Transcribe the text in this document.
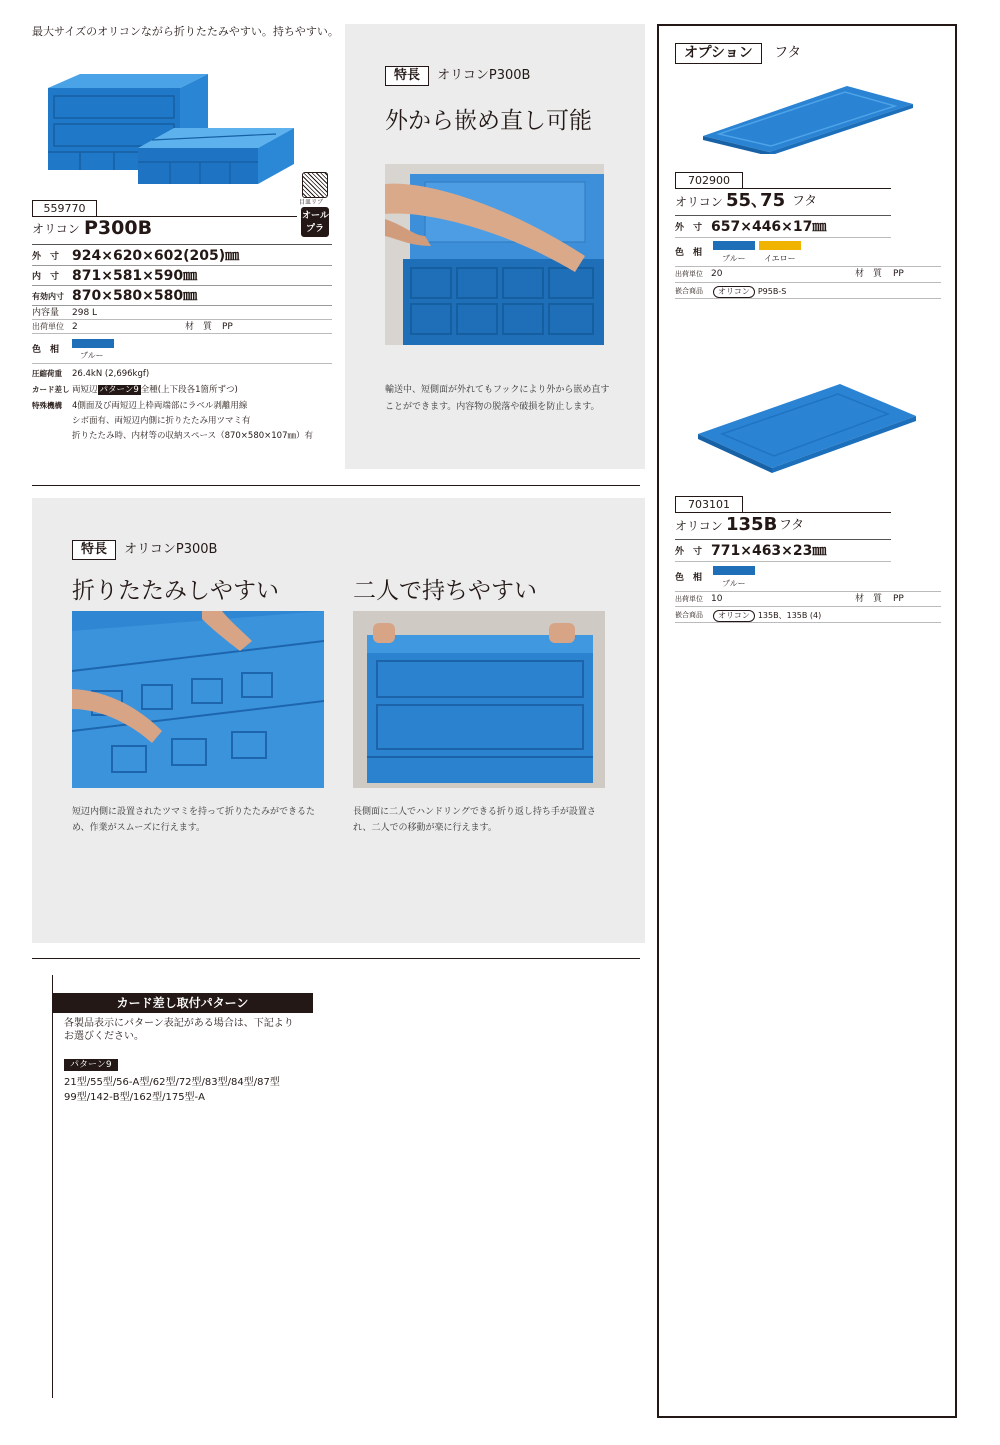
最大サイズのオリコンながら折りたたみやすい。持ちやすい。
目皿リブ
オール
プラ
559770
オリコン P300B
外　寸 924×620×602(205)㎜
内　寸 871×581×590㎜
有効内寸 870×580×580㎜
内容量 298 L
出荷単位 2	材　質 PP
色　相
ブルー
圧縮荷重 26.4kN (2,696kgf)
カード差し 両短辺 パターン9 全種(上下段各1箇所ずつ)
特殊機構 4側面及び両短辺上枠両端部にラベル剥離用線
シボ面有、両短辺内側に折りたたみ用ツマミ有
折りたたみ時、内材等の収納スペース（870×580×107㎜）有
特長 オリコンP300B
外から嵌め直し可能
輸送中、短側面が外れてもフックにより外から嵌め直すことができます。内容物の脱落や破損を防止します。
特長 オリコンP300B
折りたたみしやすい	二人で持ちやすい
短辺内側に設置されたツマミを持って折りたたみができるため、作業がスムーズに行えます。
長側面に二人でハンドリングできる折り返し持ち手が設置され、二人での移動が楽に行えます。
カード差し取付パターン
各製品表示にパターン表記がある場合は、下記より
お選びください。
パターン9
21型/55型/56-A型/62型/72型/83型/84型/87型
99型/142-B型/162型/175型-A
オプション フタ
702900
オリコン 55､75 フタ
外　寸 657×446×17㎜
色　相
ブルー イエロー
出荷単位 20	材　質 PP
嵌合商品	オリコン P95B-S
703101
オリコン 135B フタ
外　寸 771×463×23㎜
色　相
ブルー
出荷単位 10	材　質 PP
嵌合商品	オリコン 135B、135B (4)
